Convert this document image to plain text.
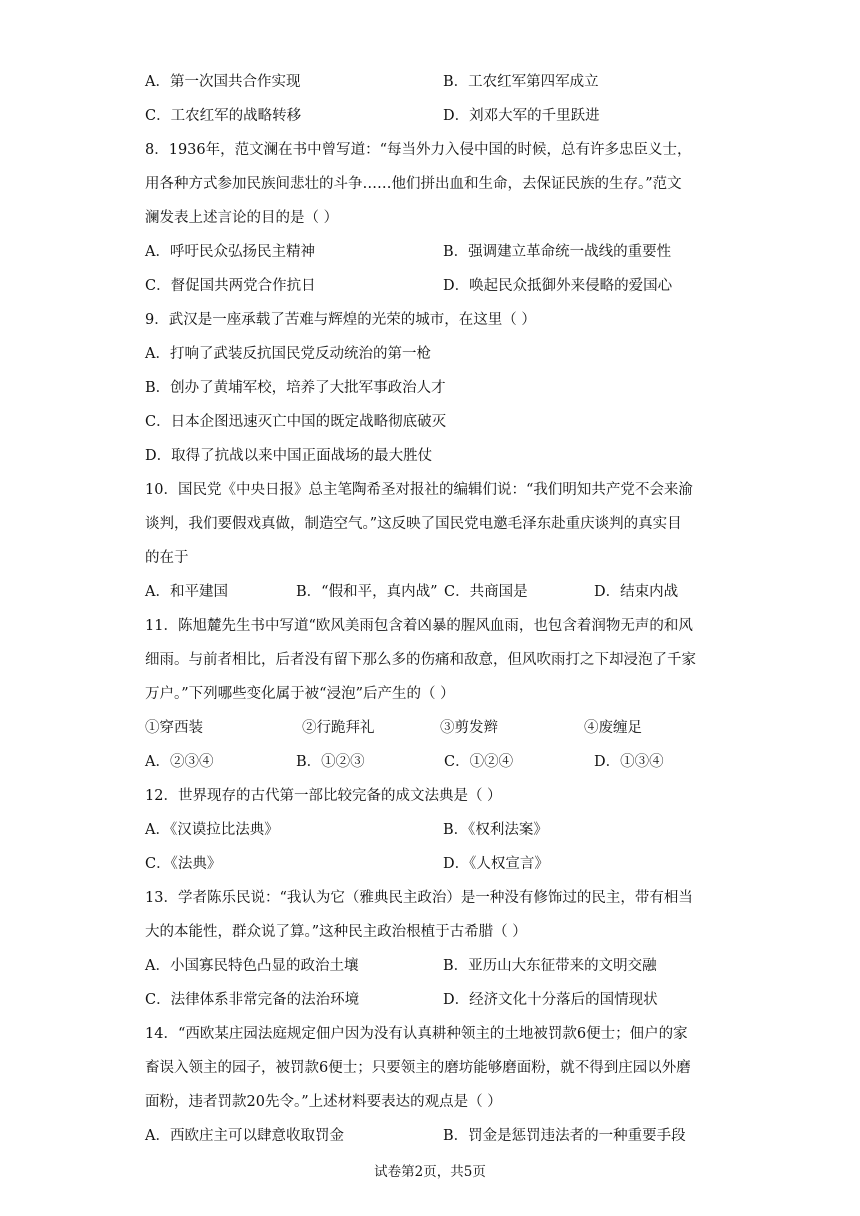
A．第一次国共合作实现	B．工农红军第四军成立
C．工农红军的战略转移	D．刘邓大军的千里跃进
8．1936年，范文澜在书中曾写道：“每当外力入侵中国的时候，总有许多忠臣义士，
用各种方式参加民族间悲壮的斗争……他们拼出血和生命，去保证民族的生存。”范文
澜发表上述言论的目的是（ ）
A．呼吁民众弘扬民主精神	B．强调建立革命统一战线的重要性
C．督促国共两党合作抗日	D．唤起民众抵御外来侵略的爱国心
9．武汉是一座承载了苦难与辉煌的光荣的城市，在这里（ ）
A．打响了武装反抗国民党反动统治的第一枪
B．创办了黄埔军校，培养了大批军事政治人才
C．日本企图迅速灭亡中国的既定战略彻底破灭
D．取得了抗战以来中国正面战场的最大胜仗
10．国民党《中央日报》总主笔陶希圣对报社的编辑们说：“我们明知共产党不会来渝
谈判，我们要假戏真做，制造空气。”这反映了国民党电邀毛泽东赴重庆谈判的真实目
的在于
A．和平建国	B．“假和平，真内战” C．共商国是	D．结束内战
11．陈旭麓先生书中写道“欧风美雨包含着凶暴的腥风血雨，也包含着润物无声的和风
细雨。与前者相比，后者没有留下那么多的伤痛和敌意，但风吹雨打之下却浸泡了千家
万户。”下列哪些变化属于被“浸泡”后产生的（ ）
①穿西装	②行跪拜礼	③剪发辫	④废缠足
A．②③④	B．①②③	C．①②④	D．①③④
12．世界现存的古代第一部比较完备的成文法典是（ ）
A．《汉谟拉比法典》	B．《权利法案》
C．《法典》	D．《人权宣言》
13．学者陈乐民说：“我认为它（雅典民主政治）是一种没有修饰过的民主，带有相当
大的本能性，群众说了算。”这种民主政治根植于古希腊（ ）
A．小国寡民特色凸显的政治土壤	B．亚历山大东征带来的文明交融
C．法律体系非常完备的法治环境	D．经济文化十分落后的国情现状
14．“西欧某庄园法庭规定佃户因为没有认真耕种领主的土地被罚款6便士；佃户的家
畜误入领主的园子，被罚款6便士；只要领主的磨坊能够磨面粉，就不得到庄园以外磨
面粉，违者罚款20先令。”上述材料要表达的观点是（ ）
A．西欧庄主可以肆意收取罚金	B．罚金是惩罚违法者的一种重要手段
试卷第2页，共5页
